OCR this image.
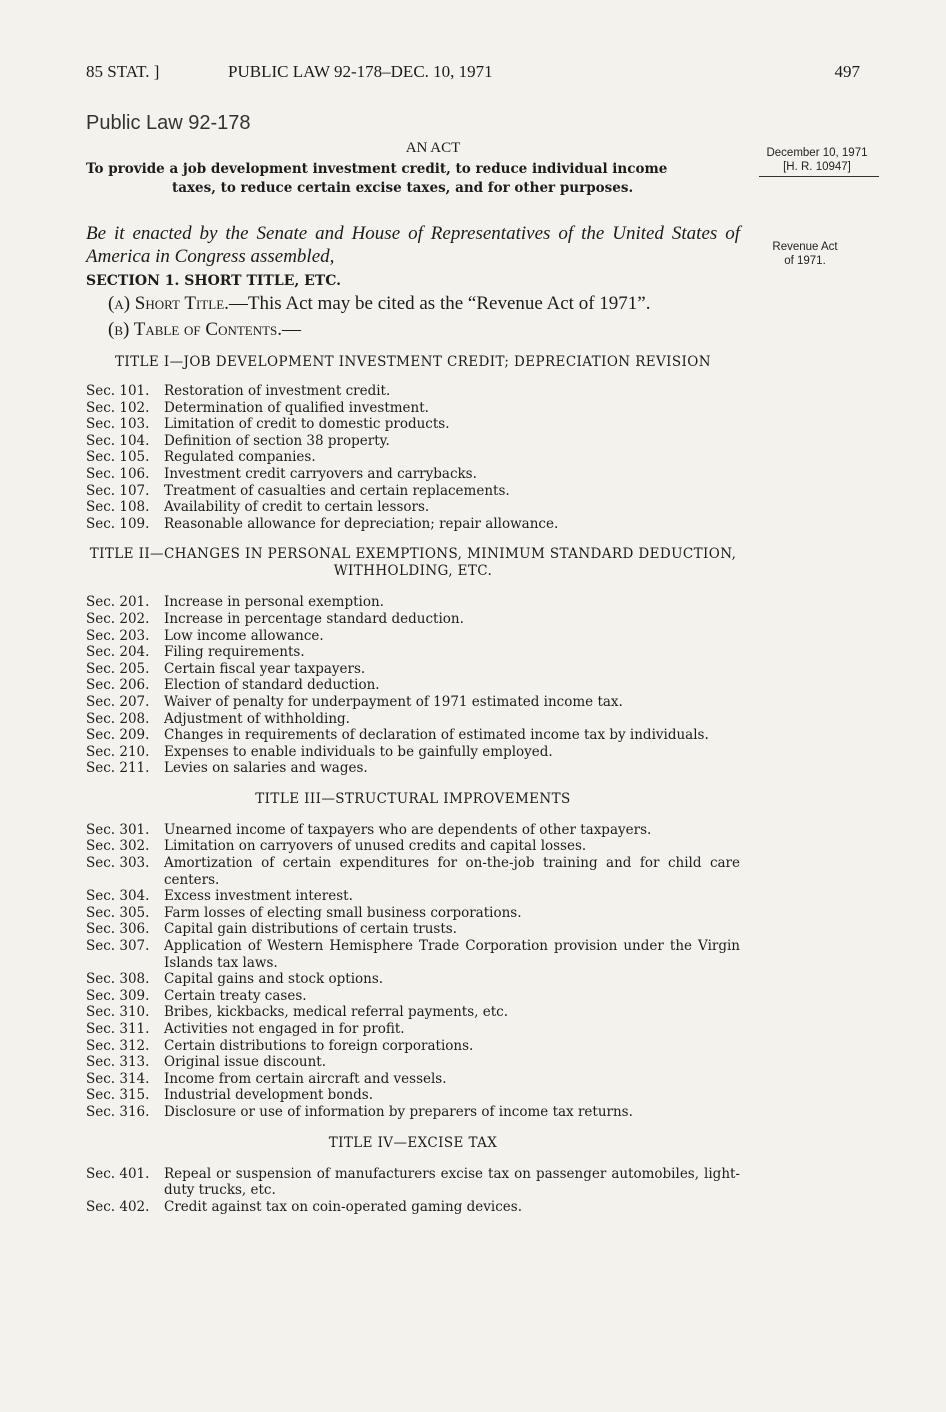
85 STAT. ]	PUBLIC LAW 92-178–DEC. 10, 1971	497
Public Law 92-178
December 10, 1971
[H. R. 10947]
Revenue Act
of 1971.
AN ACT
To provide a job development investment credit, to reduce individual income
taxes, to reduce certain excise taxes, and for other purposes.
Be it enacted by the Senate and House of Representatives of the United States of America in Congress assembled,
SECTION 1. SHORT TITLE, ETC.
(a) Short Title.—This Act may be cited as the “Revenue Act of 1971”.
(b) Table of Contents.—
TITLE I—JOB DEVELOPMENT INVESTMENT CREDIT; DEPRECIATION REVISION
Sec. 101.	Restoration of investment credit.
Sec. 102.	Determination of qualified investment.
Sec. 103.	Limitation of credit to domestic products.
Sec. 104.	Definition of section 38 property.
Sec. 105.	Regulated companies.
Sec. 106.	Investment credit carryovers and carrybacks.
Sec. 107.	Treatment of casualties and certain replacements.
Sec. 108.	Availability of credit to certain lessors.
Sec. 109.	Reasonable allowance for depreciation; repair allowance.
TITLE II—CHANGES IN PERSONAL EXEMPTIONS, MINIMUM STANDARD DEDUCTION, WITHHOLDING, ETC.
Sec. 201.	Increase in personal exemption.
Sec. 202.	Increase in percentage standard deduction.
Sec. 203.	Low income allowance.
Sec. 204.	Filing requirements.
Sec. 205.	Certain fiscal year taxpayers.
Sec. 206.	Election of standard deduction.
Sec. 207.	Waiver of penalty for underpayment of 1971 estimated income tax.
Sec. 208.	Adjustment of withholding.
Sec. 209.	Changes in requirements of declaration of estimated income tax by individuals.
Sec. 210.	Expenses to enable individuals to be gainfully employed.
Sec. 211.	Levies on salaries and wages.
TITLE III—STRUCTURAL IMPROVEMENTS
Sec. 301.	Unearned income of taxpayers who are dependents of other taxpayers.
Sec. 302.	Limitation on carryovers of unused credits and capital losses.
Sec. 303.	Amortization of certain expenditures for on-the-job training and for child care centers.
Sec. 304.	Excess investment interest.
Sec. 305.	Farm losses of electing small business corporations.
Sec. 306.	Capital gain distributions of certain trusts.
Sec. 307.	Application of Western Hemisphere Trade Corporation provision under the Virgin Islands tax laws.
Sec. 308.	Capital gains and stock options.
Sec. 309.	Certain treaty cases.
Sec. 310.	Bribes, kickbacks, medical referral payments, etc.
Sec. 311.	Activities not engaged in for profit.
Sec. 312.	Certain distributions to foreign corporations.
Sec. 313.	Original issue discount.
Sec. 314.	Income from certain aircraft and vessels.
Sec. 315.	Industrial development bonds.
Sec. 316.	Disclosure or use of information by preparers of income tax returns.
TITLE IV—EXCISE TAX
Sec. 401.	Repeal or suspension of manufacturers excise tax on passenger automobiles, light-duty trucks, etc.
Sec. 402.	Credit against tax on coin-operated gaming devices.
